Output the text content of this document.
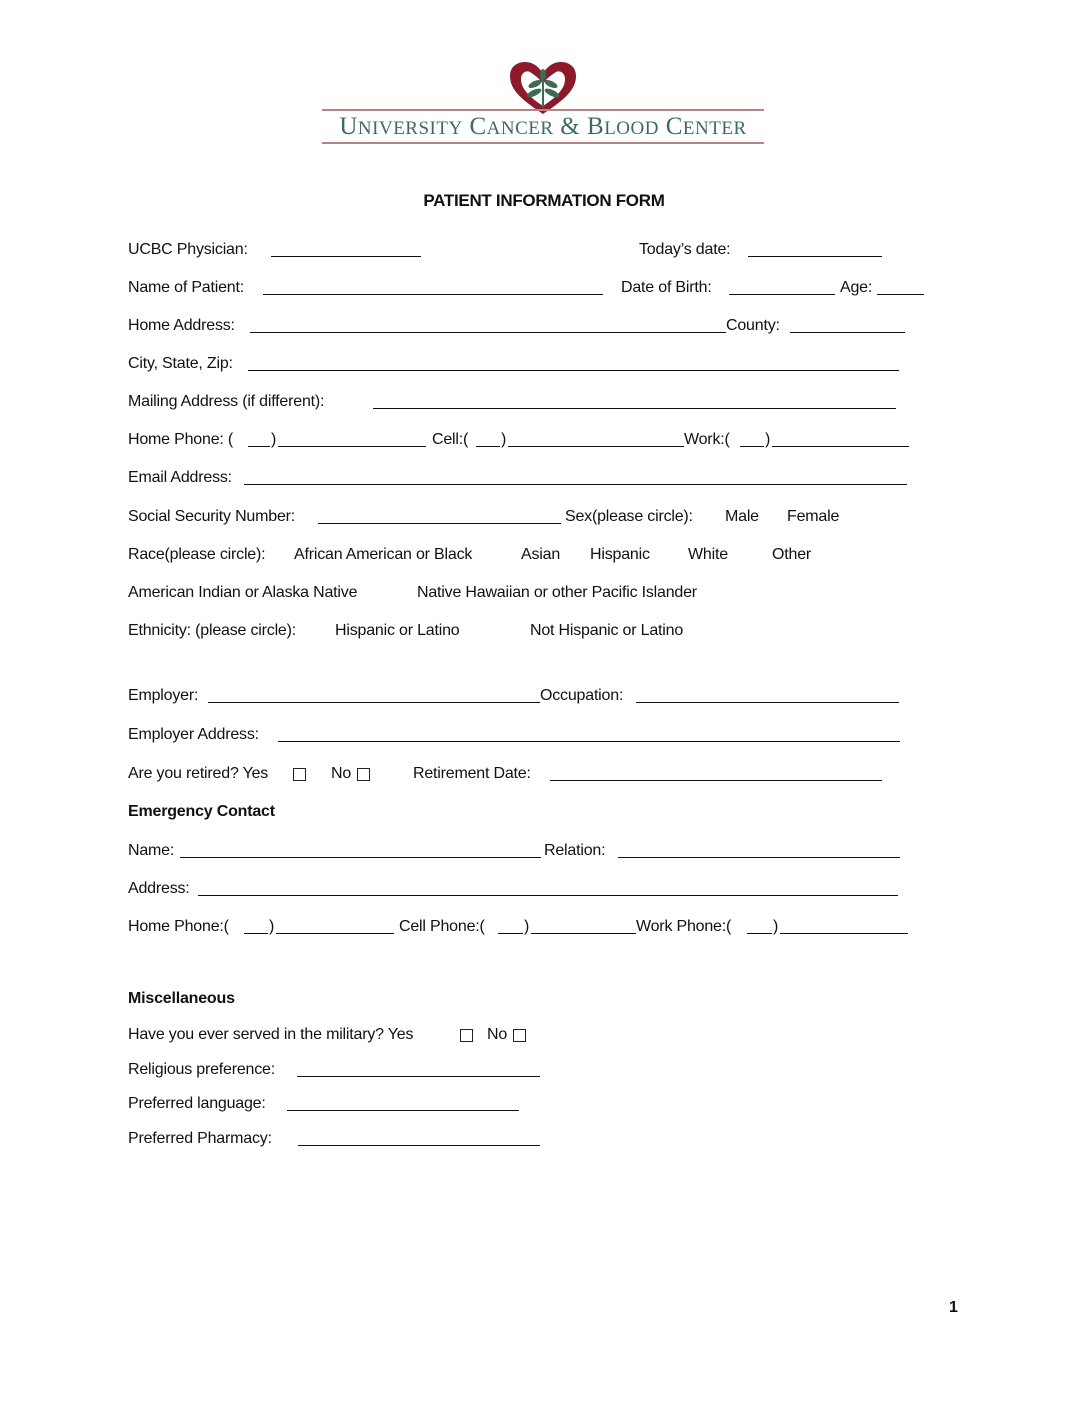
UNIVERSITY CANCER & BLOOD CENTER
PATIENT INFORMATION FORM
UCBC Physician:	Today’s date:
Name of Patient:	Date of Birth:	Age:
Home Address:	County:
City, State, Zip:
Mailing Address (if different):
Home Phone: ( )	Cell:( )	Work:( )
Email Address:
Social Security Number:	Sex(please circle): Male Female
Race(please circle): African American or Black	Asian Hispanic White	Other
American Indian or Alaska Native	Native Hawaiian or other Pacific Islander
Ethnicity: (please circle): Hispanic or Latino	Not Hispanic or Latino
Employer:	Occupation:
Employer Address:
Are you retired? Yes	No	Retirement Date:
Emergency Contact
Name:	Relation:
Address:
Home Phone:(	)	Cell Phone:( )	Work Phone:(	)
Miscellaneous
Have you ever served in the military? Yes	No
Religious preference:
Preferred language:
Preferred Pharmacy:
1
